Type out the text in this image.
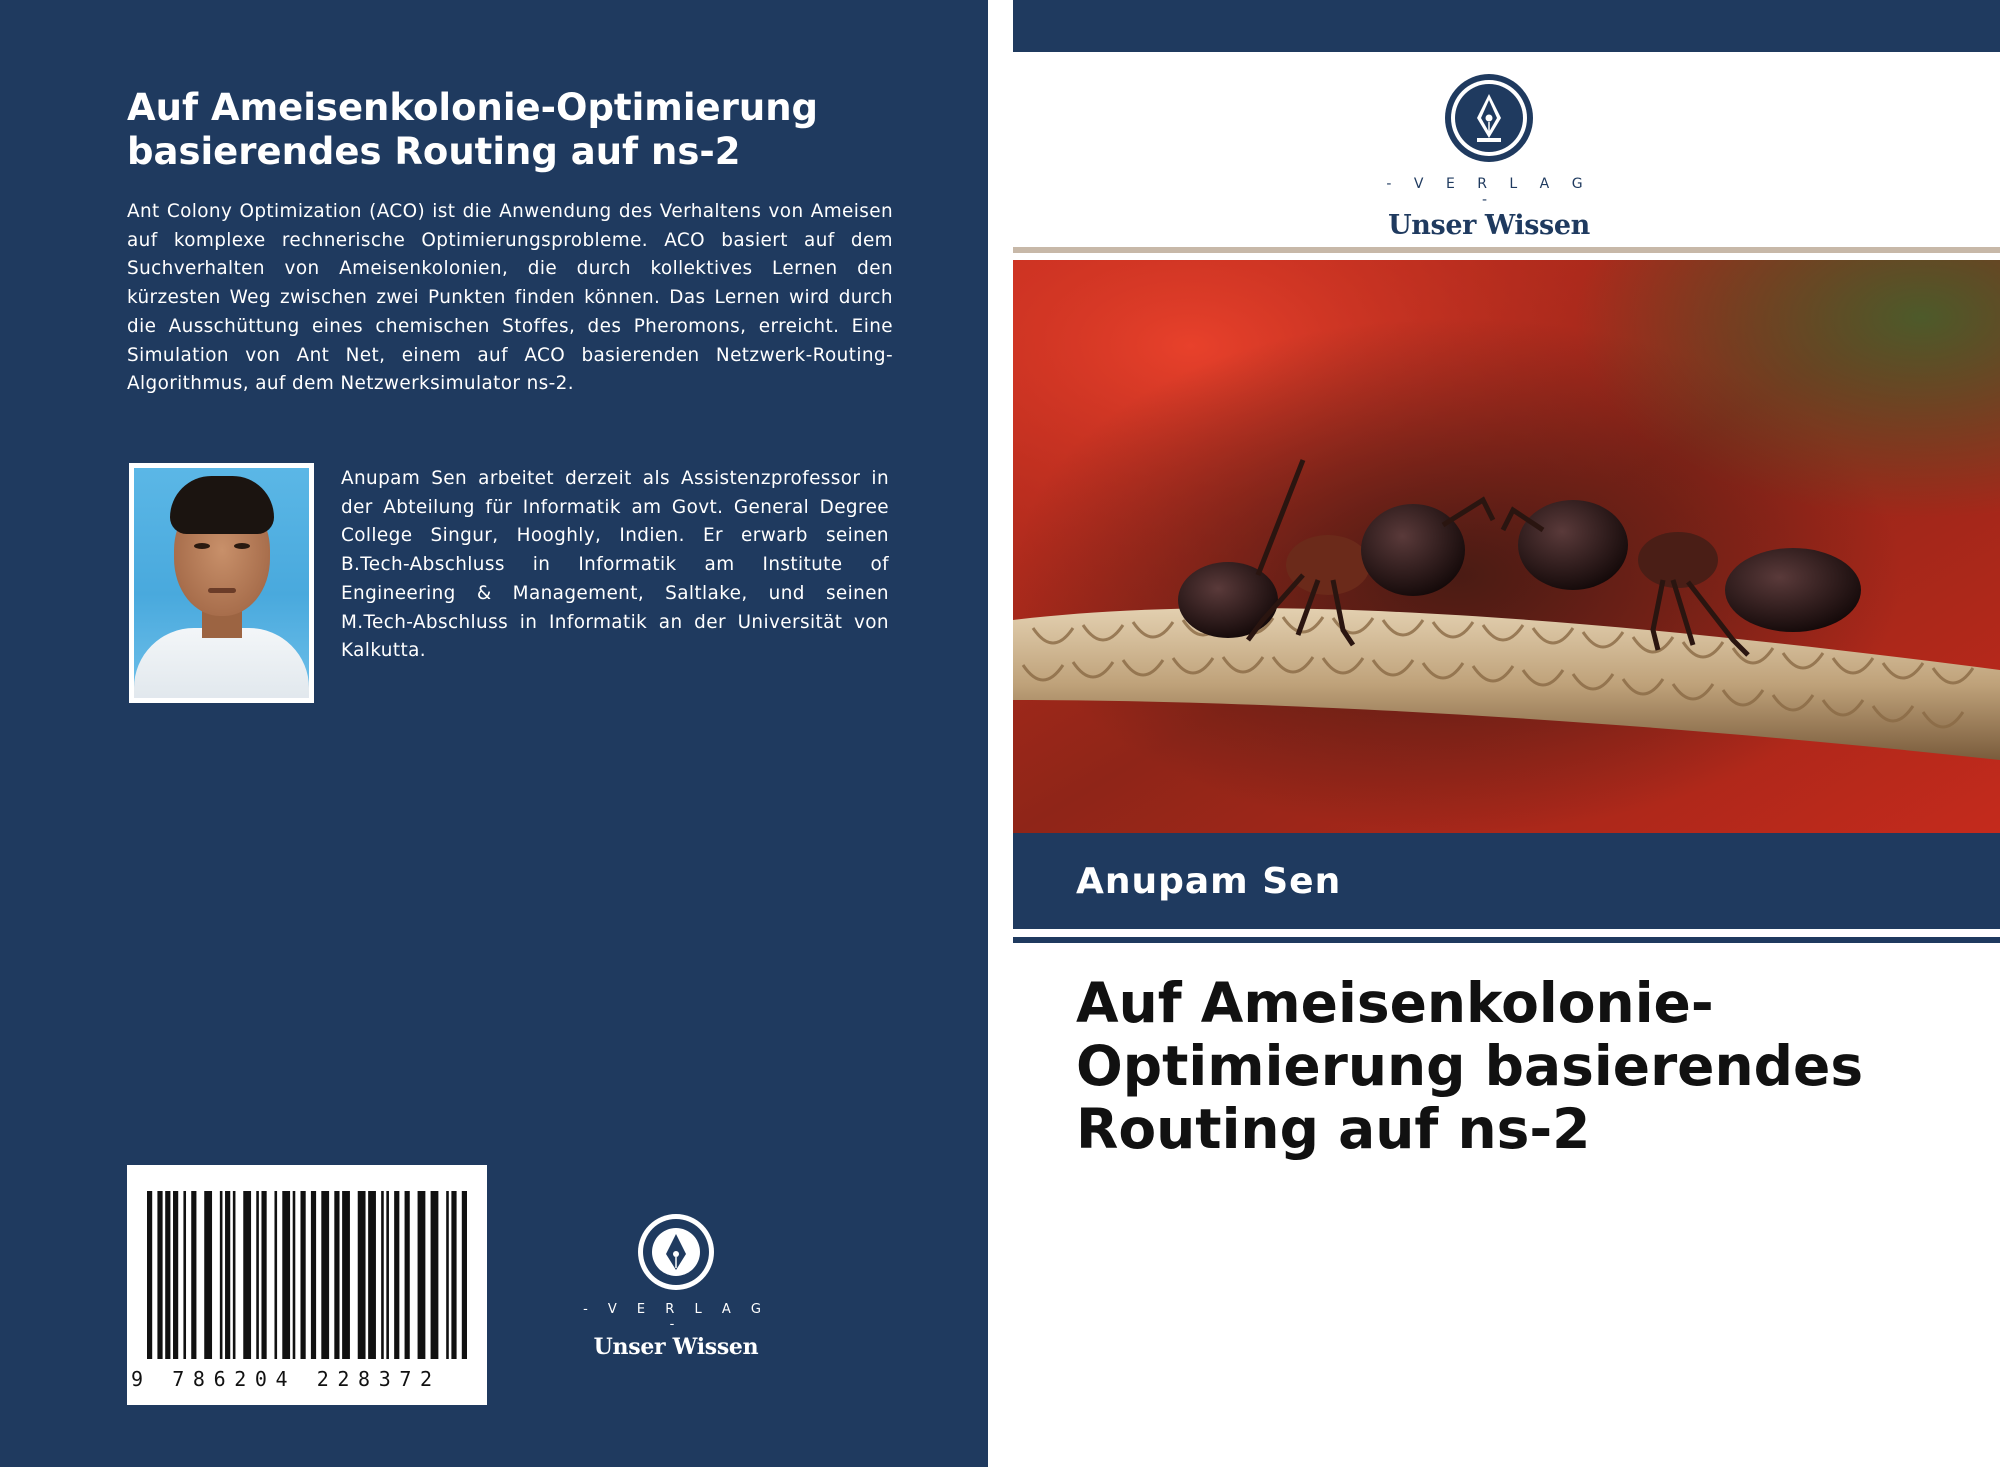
Auf Ameisenkolonie-Optimierung basierendes Routing auf ns-2

Ant Colony Optimization (ACO) ist die Anwendung des Verhaltens von Ameisen auf komplexe rechnerische Optimierungsprobleme. ACO basiert auf dem Suchverhalten von Ameisenkolonien, die durch kollektives Lernen den kürzesten Weg zwischen zwei Punkten finden können. Das Lernen wird durch die Ausschüttung eines chemischen Stoffes, des Pheromons, erreicht. Eine Simulation von Ant Net, einem auf ACO basierenden Netzwerk-Routing-Algorithmus, auf dem Netzwerksimulator ns-2.

Anupam Sen arbeitet derzeit als Assistenzprofessor in der Abteilung für Informatik am Govt. General Degree College Singur, Hooghly, Indien. Er erwarb seinen B.Tech-Abschluss in Informatik am Institute of Engineering & Management, Saltlake, und seinen M.Tech-Abschluss in Informatik an der Universität von Kalkutta.

9 786204 228372
- V E R L A G -
Unser Wissen
- V E R L A G -
Unser Wissen
Anupam Sen
Auf Ameisenkolonie-Optimierung basierendes Routing auf ns-2
